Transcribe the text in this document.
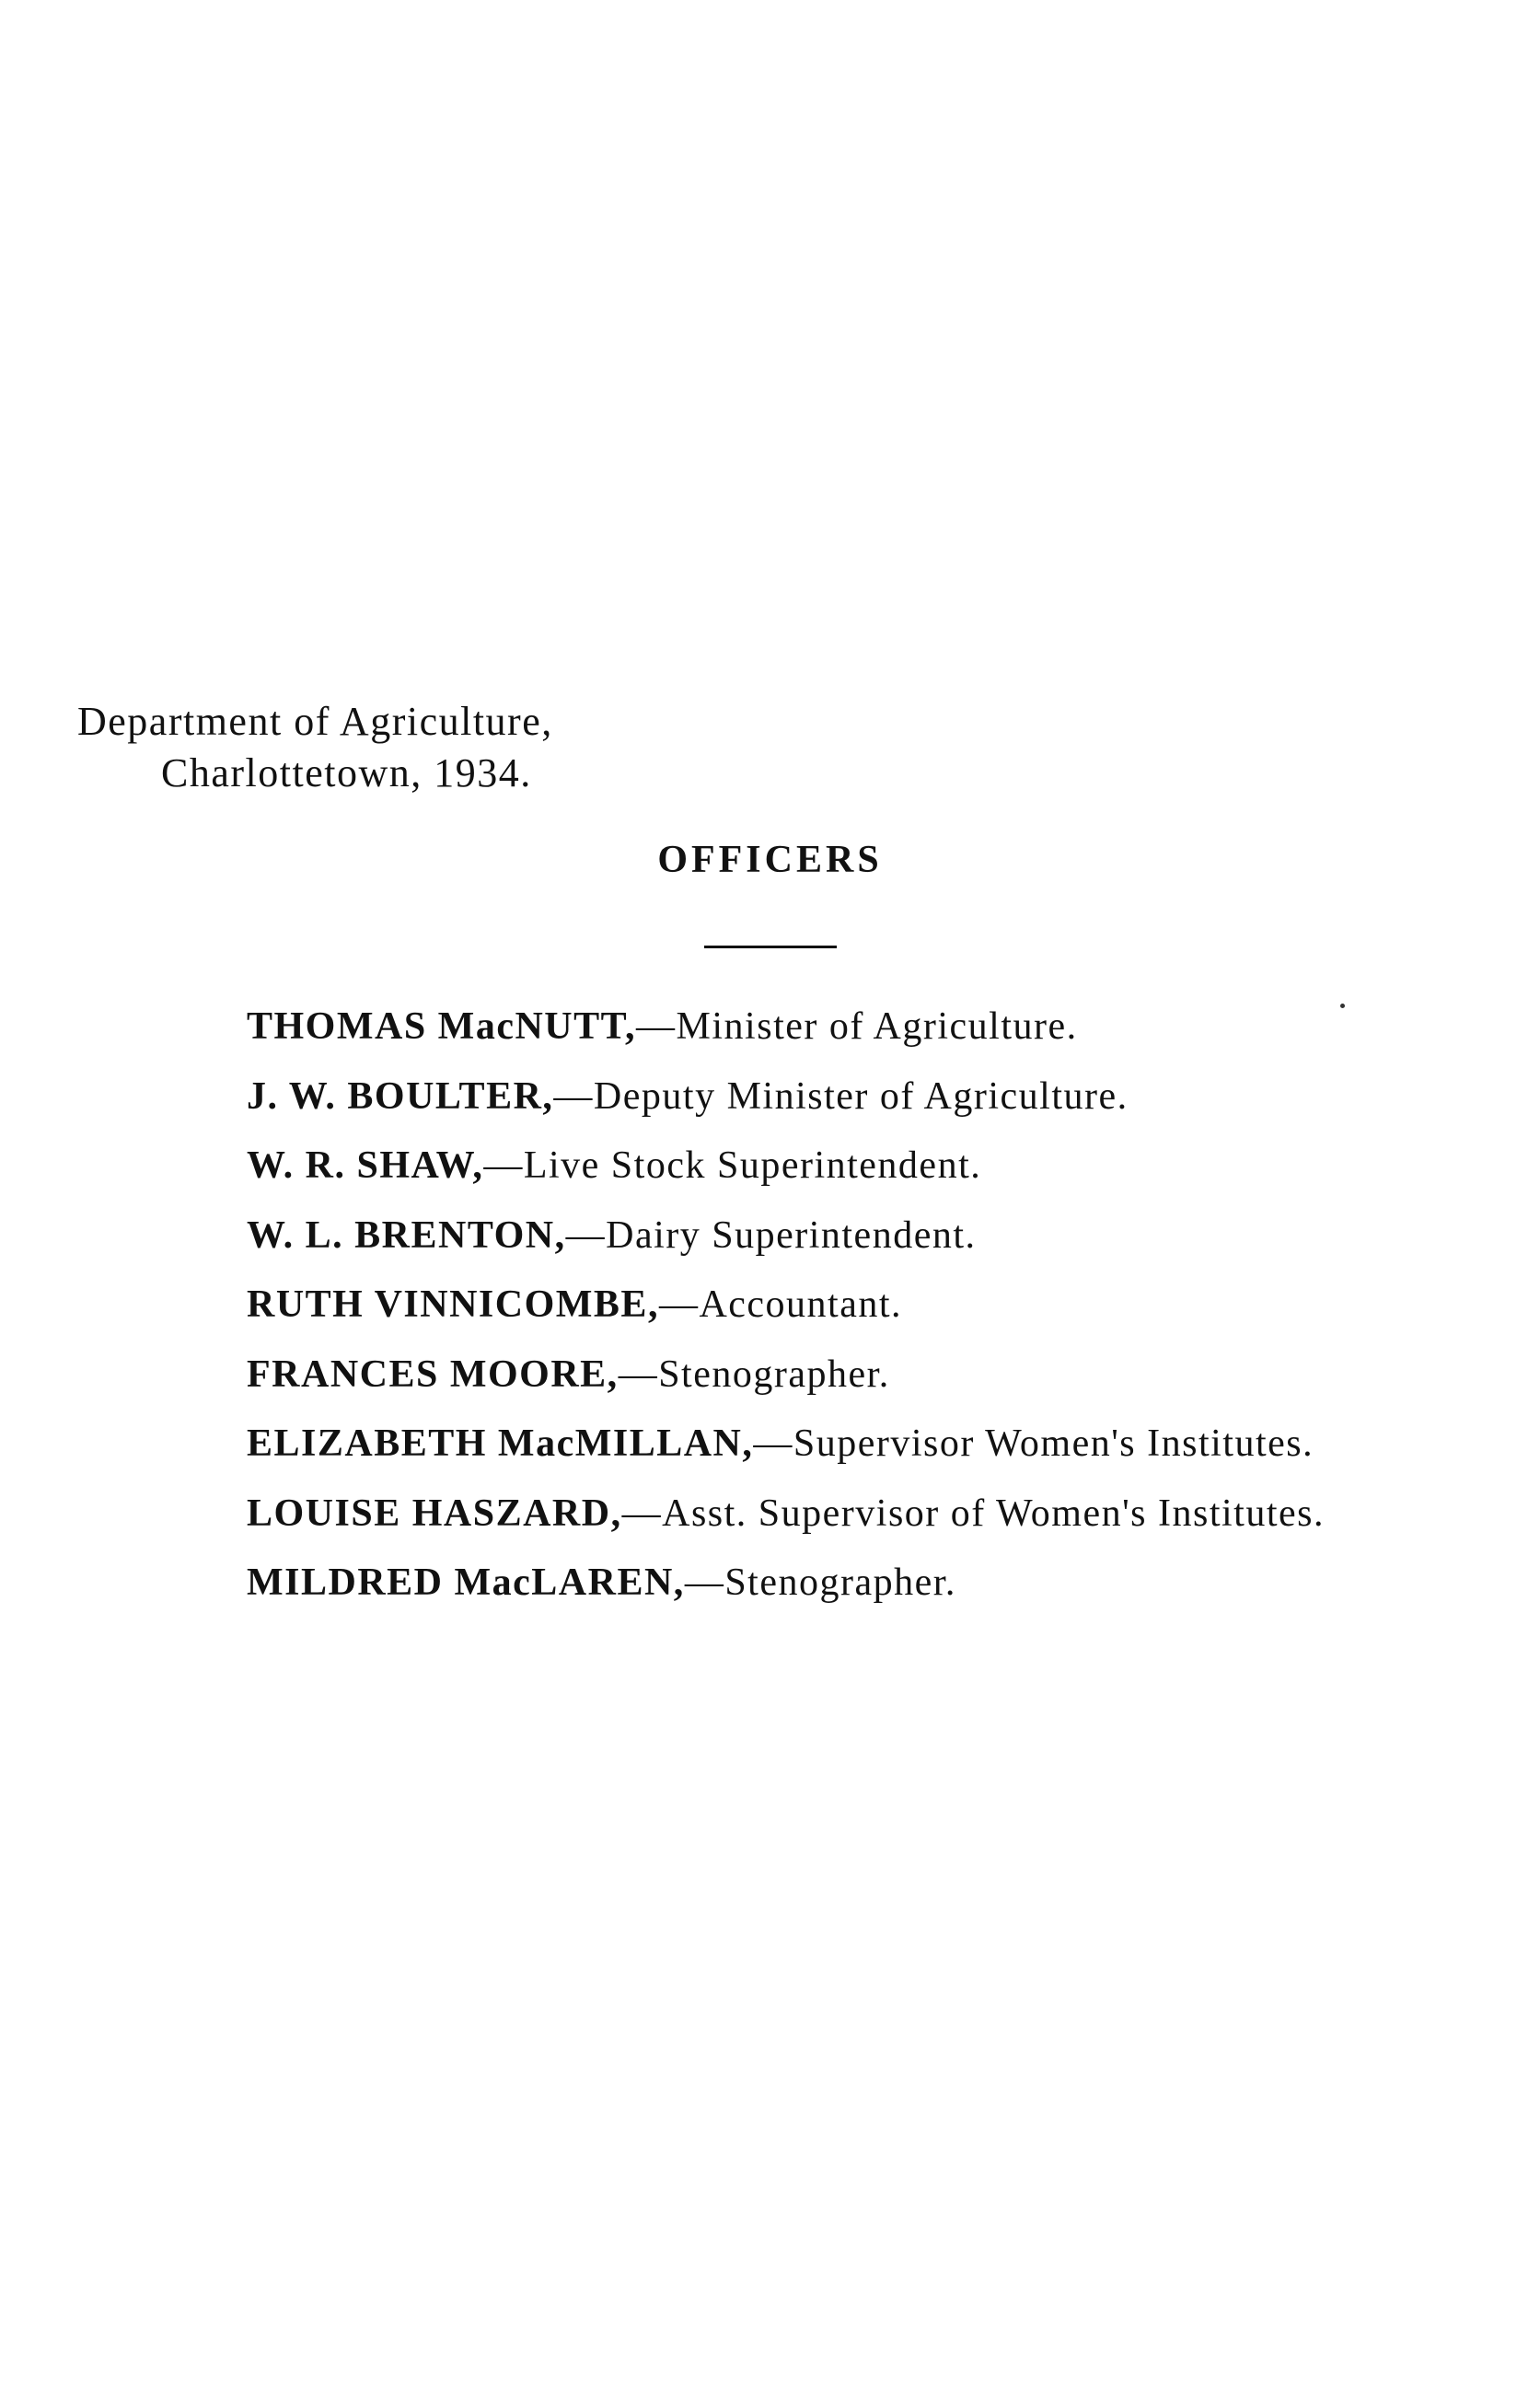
Department of Agriculture,
Charlottetown, 1934.
OFFICERS
THOMAS MacNUTT,—Minister of Agriculture.
J. W. BOULTER,—Deputy Minister of Agriculture.
W. R. SHAW,—Live Stock Superintendent.
W. L. BRENTON,—Dairy Superintendent.
RUTH VINNICOMBE,—Accountant.
FRANCES MOORE,—Stenographer.
ELIZABETH MacMILLAN,—Supervisor Women's Institutes.
LOUISE HASZARD,—Asst. Supervisor of Women's Institutes.
MILDRED MacLAREN,—Stenographer.
